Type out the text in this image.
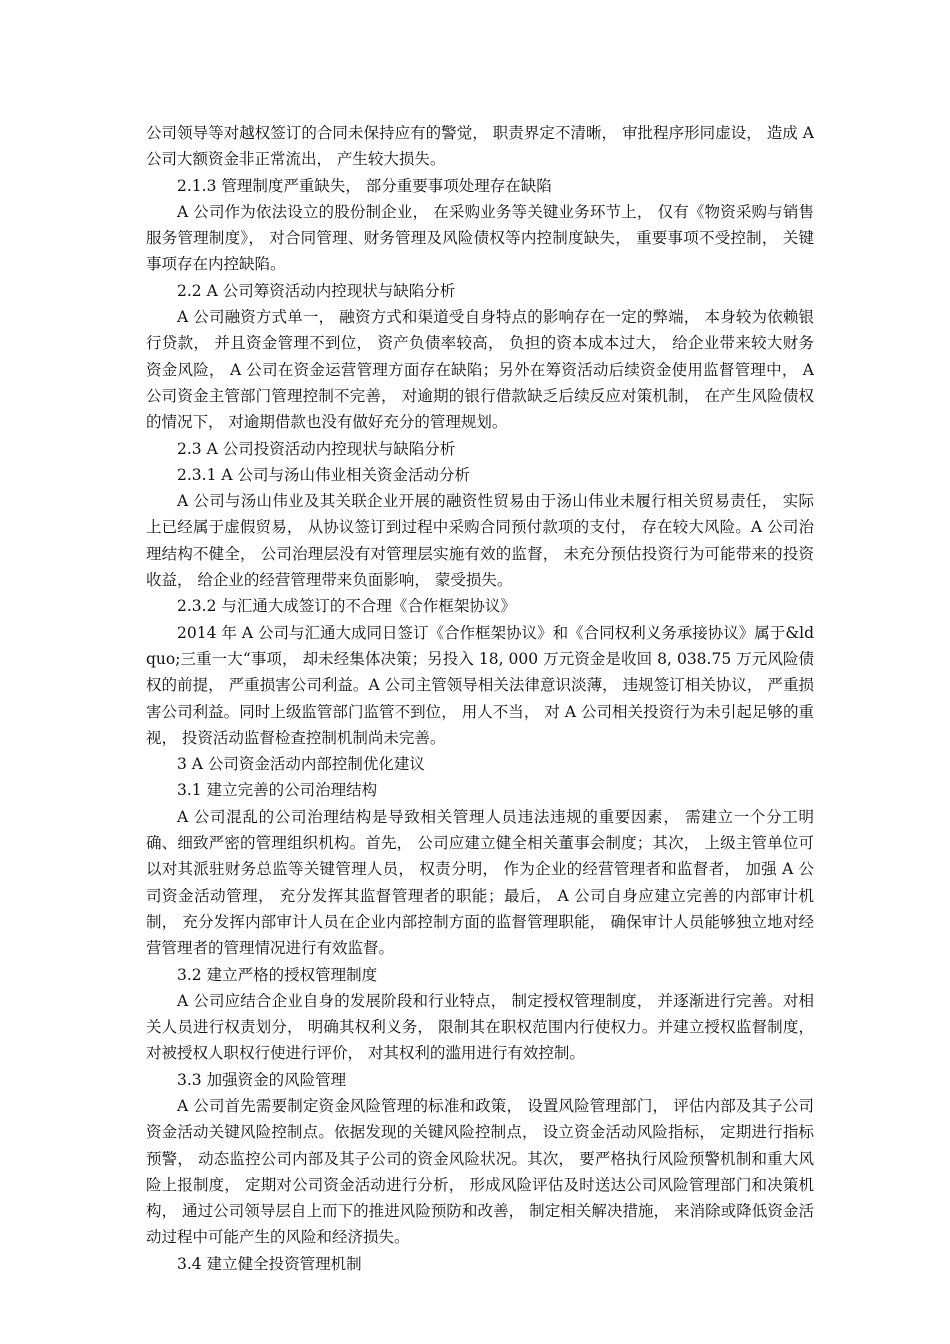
公司领导等对越权签订的合同未保持应有的警觉， 职责界定不清晰， 审批程序形同虚设， 造成 A 公司大额资金非正常流出， 产生较大损失。

2.1.3 管理制度严重缺失， 部分重要事项处理存在缺陷

A 公司作为依法设立的股份制企业， 在采购业务等关键业务环节上， 仅有《物资采购与销售服务管理制度》， 对合同管理、财务管理及风险债权等内控制度缺失， 重要事项不受控制， 关键事项存在内控缺陷。

2.2 A 公司筹资活动内控现状与缺陷分析

A 公司融资方式单一， 融资方式和渠道受自身特点的影响存在一定的弊端， 本身较为依赖银行贷款， 并且资金管理不到位， 资产负债率较高， 负担的资本成本过大， 给企业带来较大财务资金风险， A 公司在资金运营管理方面存在缺陷；另外在筹资活动后续资金使用监督管理中， A 公司资金主管部门管理控制不完善， 对逾期的银行借款缺乏后续反应对策机制， 在产生风险债权的情况下， 对逾期借款也没有做好充分的管理规划。

2.3 A 公司投资活动内控现状与缺陷分析

2.3.1 A 公司与汤山伟业相关资金活动分析

A 公司与汤山伟业及其关联企业开展的融资性贸易由于汤山伟业未履行相关贸易责任， 实际上已经属于虚假贸易， 从协议签订到过程中采购合同预付款项的支付， 存在较大风险。A 公司治理结构不健全， 公司治理层没有对管理层实施有效的监督， 未充分预估投资行为可能带来的投资收益， 给企业的经营管理带来负面影响， 蒙受损失。

2.3.2 与汇通大成签订的不合理《合作框架协议》

2014 年 A 公司与汇通大成同日签订《合作框架协议》和《合同权利义务承接协议》属于&ldquo;三重一大“事项， 却未经集体决策；另投入 18, 000 万元资金是收回 8, 038.75 万元风险债权的前提， 严重损害公司利益。A 公司主管领导相关法律意识淡薄， 违规签订相关协议， 严重损害公司利益。同时上级监管部门监管不到位， 用人不当， 对 A 公司相关投资行为未引起足够的重视， 投资活动监督检查控制机制尚未完善。

3 A 公司资金活动内部控制优化建议

3.1 建立完善的公司治理结构

A 公司混乱的公司治理结构是导致相关管理人员违法违规的重要因素， 需建立一个分工明确、细致严密的管理组织机构。首先， 公司应建立健全相关董事会制度；其次， 上级主管单位可以对其派驻财务总监等关键管理人员， 权责分明， 作为企业的经营管理者和监督者， 加强 A 公司资金活动管理， 充分发挥其监督管理者的职能；最后， A 公司自身应建立完善的内部审计机制， 充分发挥内部审计人员在企业内部控制方面的监督管理职能， 确保审计人员能够独立地对经营管理者的管理情况进行有效监督。

3.2 建立严格的授权管理制度

A 公司应结合企业自身的发展阶段和行业特点， 制定授权管理制度， 并逐渐进行完善。对相关人员进行权责划分， 明确其权利义务， 限制其在职权范围内行使权力。并建立授权监督制度， 对被授权人职权行使进行评价， 对其权利的滥用进行有效控制。

3.3 加强资金的风险管理

A 公司首先需要制定资金风险管理的标准和政策， 设置风险管理部门， 评估内部及其子公司资金活动关键风险控制点。依据发现的关键风险控制点， 设立资金活动风险指标， 定期进行指标预警， 动态监控公司内部及其子公司的资金风险状况。其次， 要严格执行风险预警机制和重大风险上报制度， 定期对公司资金活动进行分析， 形成风险评估及时送达公司风险管理部门和决策机构， 通过公司领导层自上而下的推进风险预防和改善， 制定相关解决措施， 来消除或降低资金活动过程中可能产生的风险和经济损失。

3.4 建立健全投资管理机制
